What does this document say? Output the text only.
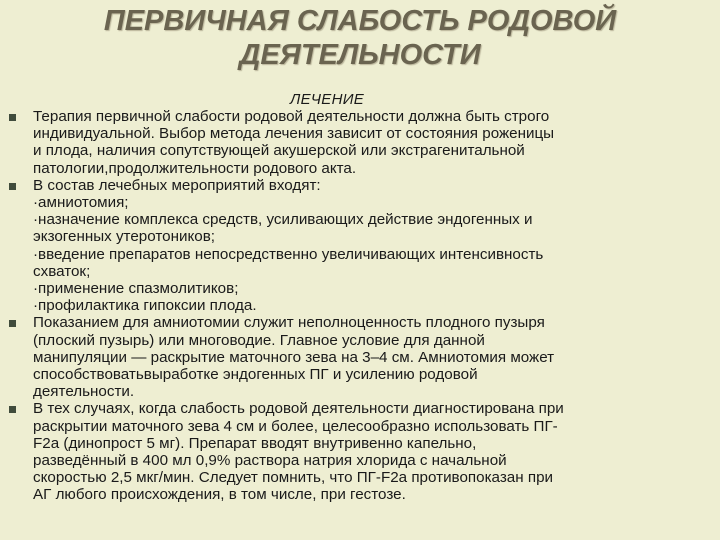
ПЕРВИЧНАЯ СЛАБОСТЬ РОДОВОЙ
ДЕЯТЕЛЬНОСТИ
ЛЕЧЕНИЕ
Терапия первичной слабости родовой деятельности должна быть строго
индивидуальной. Выбор метода лечения зависит от состояния роженицы
и плода, наличия сопутствующей акушерской или экстрагенитальной
патологии,продолжительности родового акта.
В состав лечебных мероприятий входят:
·амниотомия;
·назначение комплекса средств, усиливающих действие эндогенных и
экзогенных утеротоников;
·введение препаратов непосредственно увеличивающих интенсивность
схваток;
·применение спазмолитиков;
·профилактика гипоксии плода.
Показанием для амниотомии служит неполноценность плодного пузыря
(плоский пузырь) или многоводие. Главное условие для данной
манипуляции — раскрытие маточного зева на 3–4 см. Амниотомия может
способствоватьвыработке эндогенных ПГ и усилению родовой
деятельности.
В тех случаях, когда слабость родовой деятельности диагностирована при
раскрытии маточного зева 4 см и более, целесообразно использовать ПГ-
F2a (динопрост 5 мг). Препарат вводят внутривенно капельно,
разведённый в 400 мл 0,9% раствора натрия хлорида с начальной
скоростью 2,5 мкг/мин. Следует помнить, что ПГ-F2a противопоказан при
АГ любого происхождения, в том числе, при гестозе.
